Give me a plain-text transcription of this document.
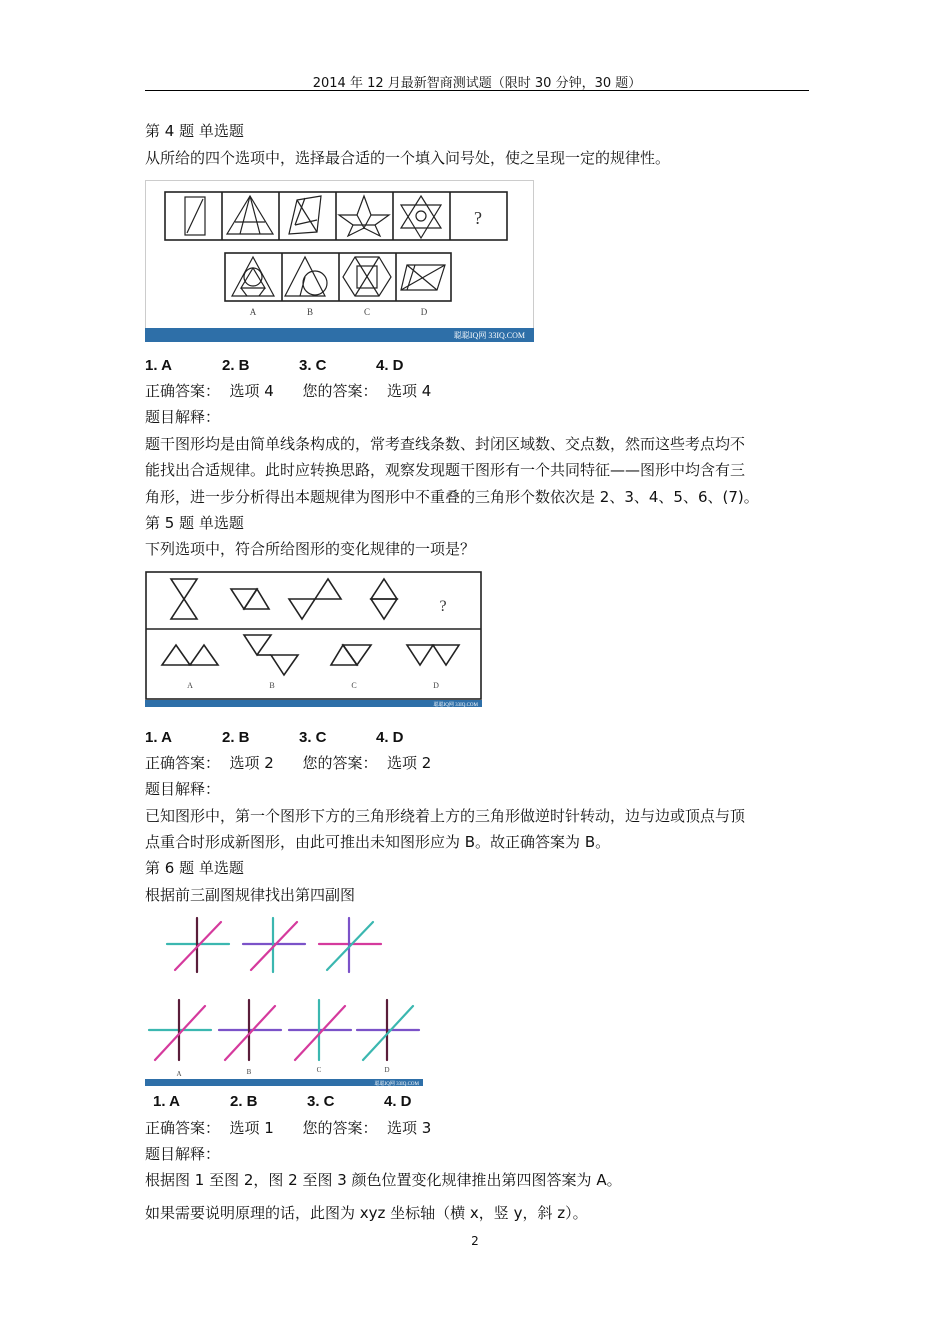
2014 年 12 月最新智商测试题（限时 30 分钟，30 题）
第 4 题 单选题
从所给的四个选项中，选择最合适的一个填入问号处，使之呈现一定的规律性。
?
A	B	C	D
聪聪IQ网 33IQ.COM
1. A	2. B	3. C	4. D
正确答案：  选项 4      您的答案：  选项 4
题目解释：
题干图形均是由简单线条构成的，常考查线条数、封闭区域数、交点数，然而这些考点均不
能找出合适规律。此时应转换思路，观察发现题干图形有一个共同特征——图形中均含有三
角形，进一步分析得出本题规律为图形中不重叠的三角形个数依次是 2、3、4、5、6、(7)。
第 5 题 单选题
下列选项中，符合所给图形的变化规律的一项是？
?
A	B	C	D
聪聪IQ网 33IQ.COM
1. A	2. B	3. C	4. D
正确答案：  选项 2      您的答案：  选项 2
题目解释：
已知图形中，第一个图形下方的三角形绕着上方的三角形做逆时针转动，边与边或顶点与顶
点重合时形成新图形，由此可推出未知图形应为 B。故正确答案为 B。
第 6 题 单选题
根据前三副图规律找出第四副图
A	B	C	D
聪聪IQ网 33IQ.COM
1. A	2. B	3. C	4. D
正确答案：  选项 1      您的答案：  选项 3
题目解释：
根据图 1 至图 2，图 2 至图 3 颜色位置变化规律推出第四图答案为 A。
如果需要说明原理的话，此图为 xyz 坐标轴（横 x，竖 y，斜 z）。
2
